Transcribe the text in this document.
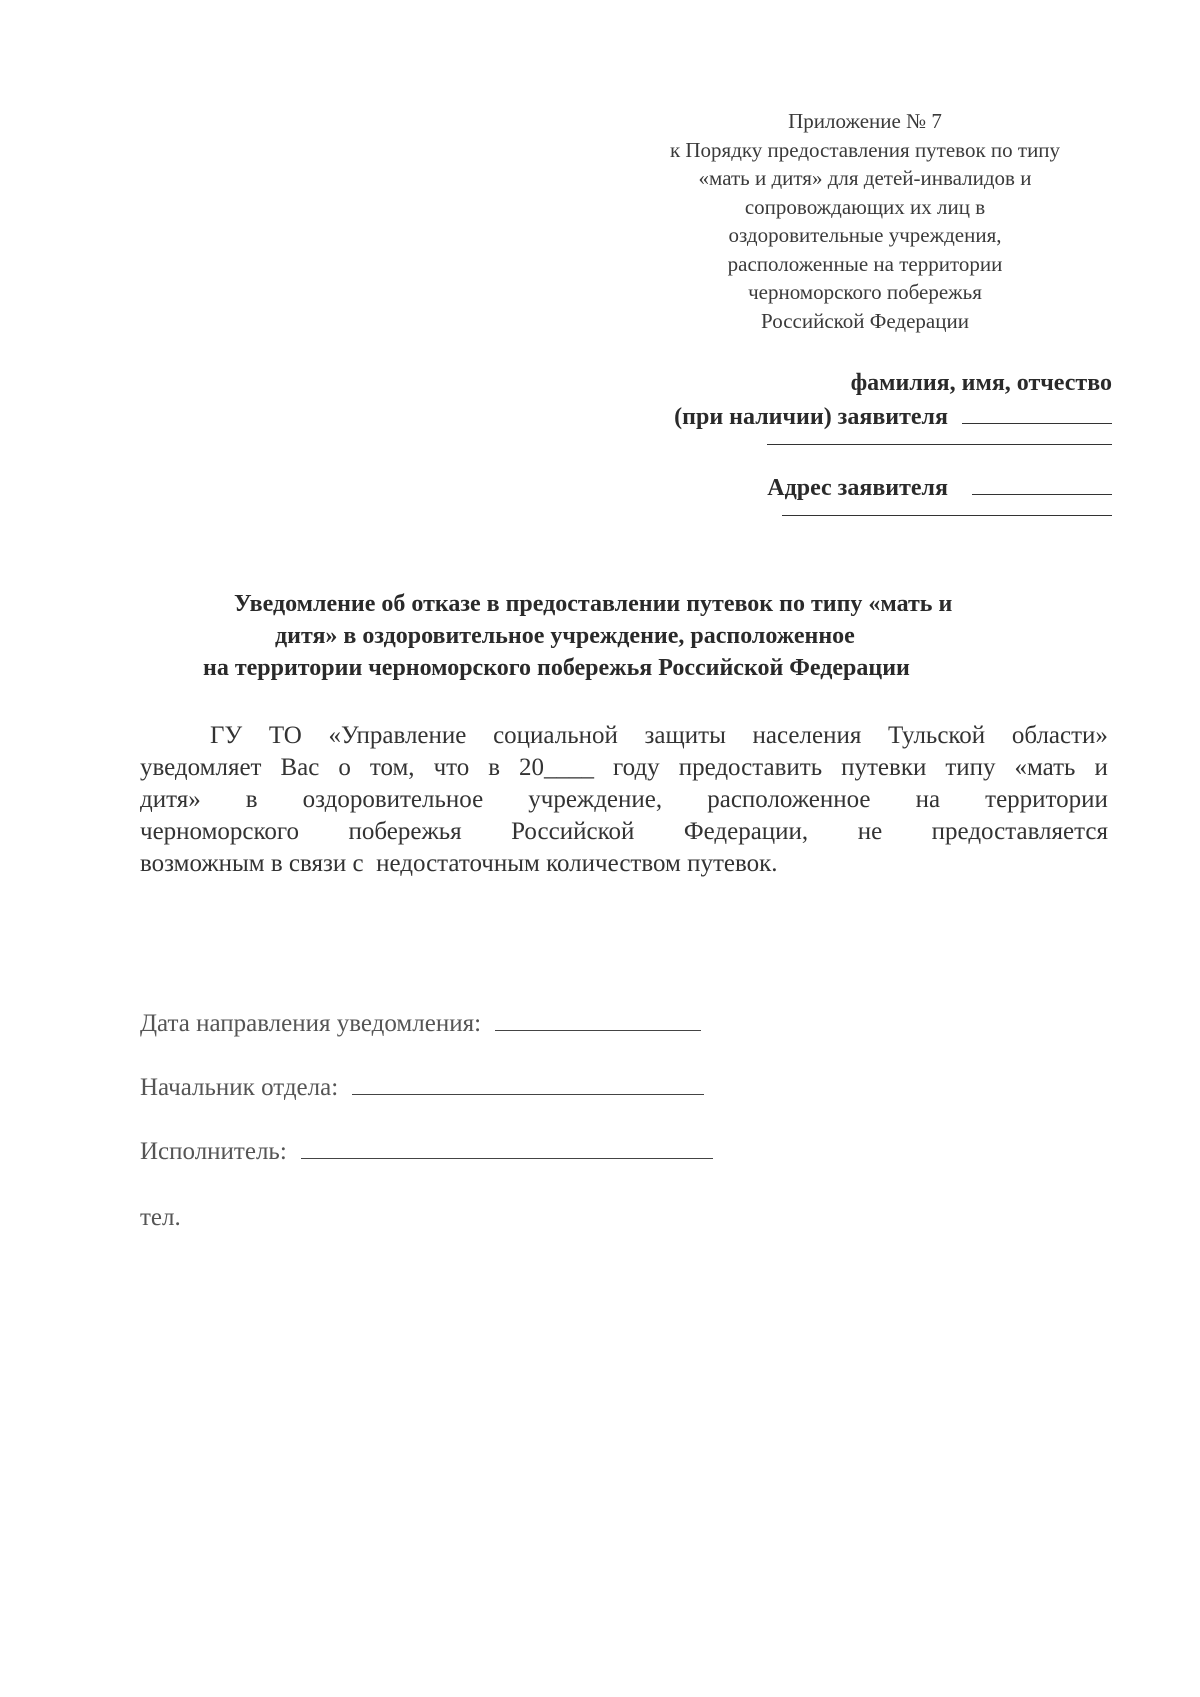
Приложение № 7
к Порядку предоставления путевок по типу
«мать и дитя» для детей-инвалидов и
сопровождающих их лиц в
оздоровительные учреждения,
расположенные на территории
черноморского побережья
Российской Федерации
фамилия, имя, отчество
(при наличии) заявителя
Адрес заявителя
Уведомление об отказе в предоставлении путевок по типу «мать и
дитя» в оздоровительное учреждение, расположенное
на территории черноморского побережья Российской Федерации
ГУ ТО «Управление социальной защиты населения Тульской области»
уведомляет Вас о том, что в 20____ году предоставить путевки типу «мать и
дитя» в оздоровительное учреждение, расположенное на территории
черноморского побережья Российской Федерации, не предоставляется
возможным в связи с  недостаточным количеством путевок.
Дата направления уведомления:
Начальник отдела:
Исполнитель:
тел.
